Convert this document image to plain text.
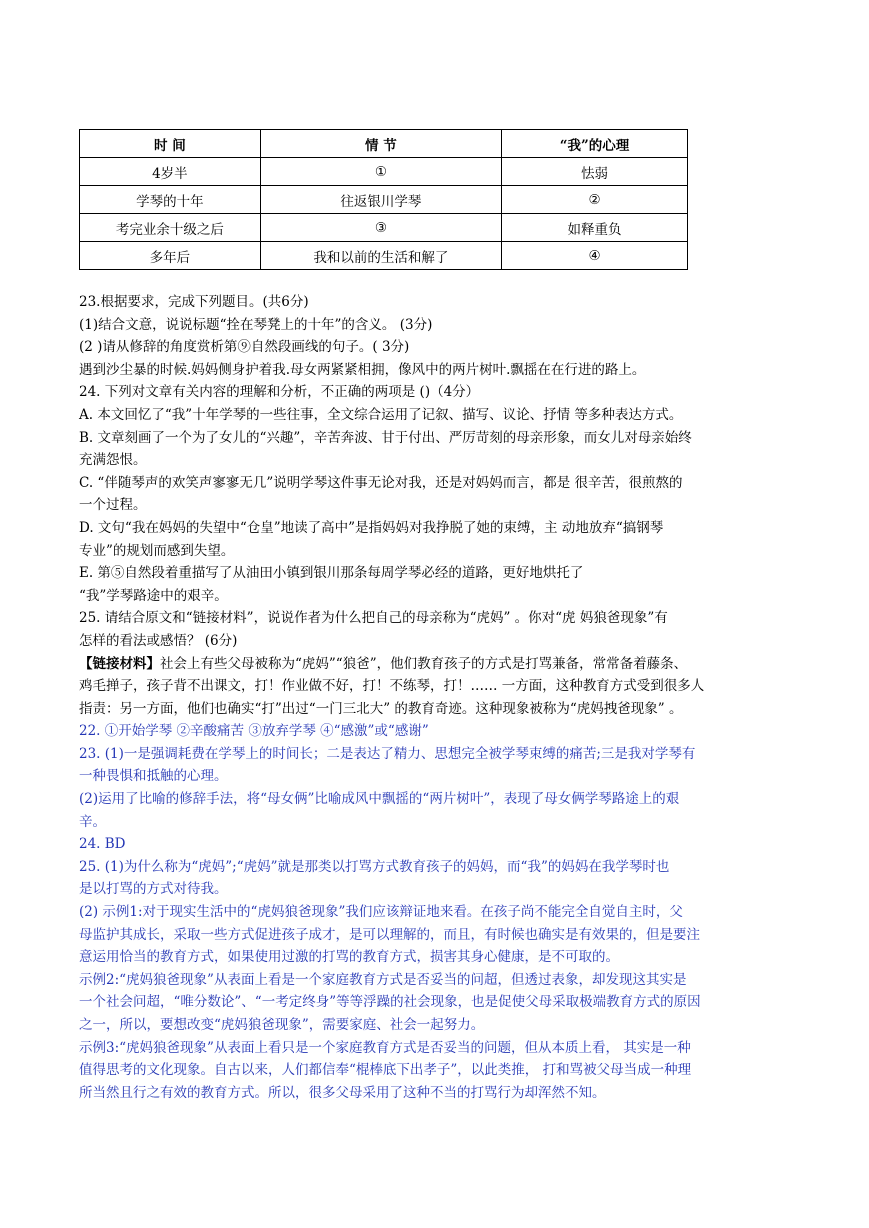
时 间	情 节	“我”的心理
4岁半	①	怯弱
学琴的十年	往返银川学琴	②
考完业余十级之后	③	如释重负
多年后	我和以前的生活和解了	④

23.根据要求，完成下列题目。(共6分)

(1)结合文意，说说标题“拴在琴凳上的十年”的含义。 (3分)

(2 )请从修辞的角度赏析第⑨自然段画线的句子。( 3分)

遇到沙尘暴的时候.妈妈侧身护着我.母女两紧紧相拥，像风中的两片树叶.飘摇在在行进的路上。

24. 下列对文章有关内容的理解和分析，不正确的两项是 ()（4分）

A. 本文回忆了“我”十年学琴的一些往事，全文综合运用了记叙、描写、议论、抒情 等多种表达方式。

B. 文章刻画了一个为了女儿的“兴趣”，辛苦奔波、甘于付出、严厉苛刻的母亲形象，而女儿对母亲始终

充满怨恨。

C. “伴随琴声的欢笑声寥寥无几”说明学琴这件事无论对我，还是对妈妈而言，都是 很辛苦，很煎熬的

一个过程。

D. 文句“我在妈妈的失望中“仓皇”地读了高中”是指妈妈对我挣脱了她的束缚，主 动地放弃“搞钢琴

专业”的规划而感到失望。

E. 第⑤自然段着重描写了从油田小镇到银川那条每周学琴必经的道路，更好地烘托了

“我”学琴路途中的艰辛。

25. 请结合原文和“链接材料”，说说作者为什么把自己的母亲称为“虎妈” 。你对“虎 妈狼爸现象”有

怎样的看法或感悟？ (6分)

【链接材料】社会上有些父母被称为“虎妈”“狼爸”，他们教育孩子的方式是打骂兼备，常常备着藤条、

鸡毛掸子，孩子背不出课文，打！作业做不好，打！不练琴，打！…… 一方面，这种教育方式受到很多人

指责：另一方面，他们也确实“打”出过“一门三北大” 的教育奇迹。这种现象被称为“虎妈拽爸现象” 。

22. ①开始学琴 ②辛酸痛苦 ③放弃学琴 ④“感激”或“感谢”

23. (1)一是强调耗费在学琴上的时间长；二是表达了精力、思想完全被学琴束缚的痛苦;三是我对学琴有

一种畏惧和抵触的心理。

(2)运用了比喻的修辞手法，将“母女俩”比喻成风中飘摇的“两片树叶”，表现了母女俩学琴路途上的艰

辛。

24. BD

25. (1)为什么称为“虎妈”;“虎妈”就是那类以打骂方式教育孩子的妈妈，而“我”的妈妈在我学琴时也

是以打骂的方式对待我。

(2) 示例1:对于现实生活中的“虎妈狼爸现象”我们应该辩证地来看。在孩子尚不能完全自觉自主时，父

母监护其成长，采取一些方式促进孩子成才，是可以理解的，而且，有时候也确实是有效果的，但是要注

意运用恰当的教育方式，如果使用过激的打骂的教育方式，损害其身心健康，是不可取的。

示例2:“虎妈狼爸现象”从表面上看是一个家庭教育方式是否妥当的问超，但透过表象，却发现这其实是

一个社会问超，“唯分数论”、“一考定终身”等等浮躁的社会现象，也是促使父母采取极端教育方式的原因

之一，所以，要想改变“虎妈狼爸现象”，需要家庭、社会一起努力。

示例3:“虎妈狼爸现象”从表面上看只是一个家庭教育方式是否妥当的问题，但从本质上看， 其实是一种

值得思考的文化现象。自古以来，人们都信奉“棍棒底下出孝子”，以此类推， 打和骂被父母当成一种理

所当然且行之有效的教育方式。所以，很多父母采用了这种不当的打骂行为却浑然不知。
